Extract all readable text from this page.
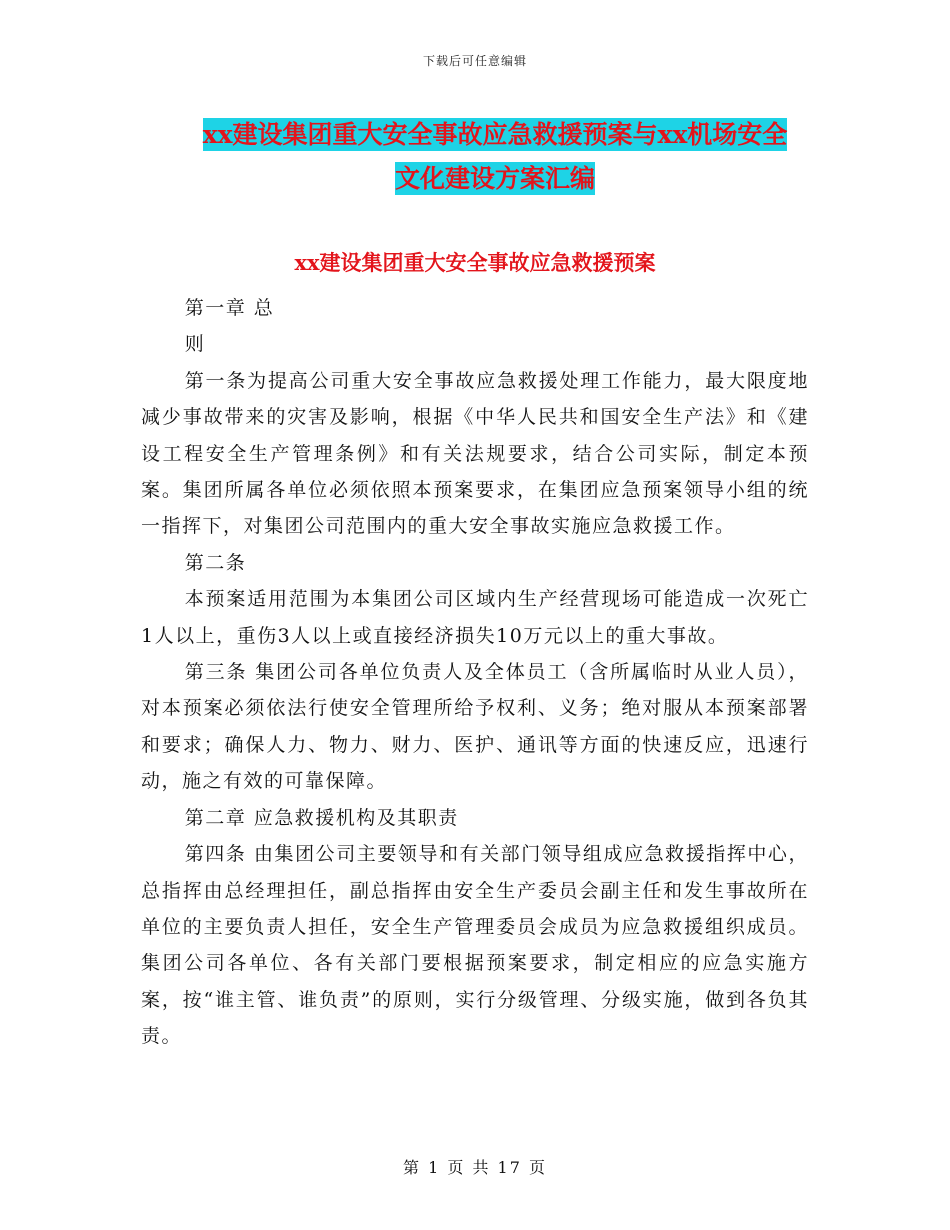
下载后可任意编辑
xx建设集团重大安全事故应急救援预案与xx机场安全
文化建设方案汇编
xx建设集团重大安全事故应急救援预案

第一章 总

则

第一条为提高公司重大安全事故应急救援处理工作能力，最大限度地减少事故带来的灾害及影响，根据《中华人民共和国安全生产法》和《建设工程安全生产管理条例》和有关法规要求，结合公司实际，制定本预案。集团所属各单位必须依照本预案要求，在集团应急预案领导小组的统一指挥下，对集团公司范围内的重大安全事故实施应急救援工作。

第二条

本预案适用范围为本集团公司区域内生产经营现场可能造成一次死亡1人以上，重伤3人以上或直接经济损失10万元以上的重大事故。

第三条 集团公司各单位负责人及全体员工（含所属临时从业人员），对本预案必须依法行使安全管理所给予权利、义务；绝对服从本预案部署和要求；确保人力、物力、财力、医护、通讯等方面的快速反应，迅速行动，施之有效的可靠保障。

第二章 应急救援机构及其职责

第四条 由集团公司主要领导和有关部门领导组成应急救援指挥中心，总指挥由总经理担任，副总指挥由安全生产委员会副主任和发生事故所在单位的主要负责人担任，安全生产管理委员会成员为应急救援组织成员。集团公司各单位、各有关部门要根据预案要求，制定相应的应急实施方案，按“谁主管、谁负责”的原则，实行分级管理、分级实施，做到各负其责。

第 1 页 共 17 页
